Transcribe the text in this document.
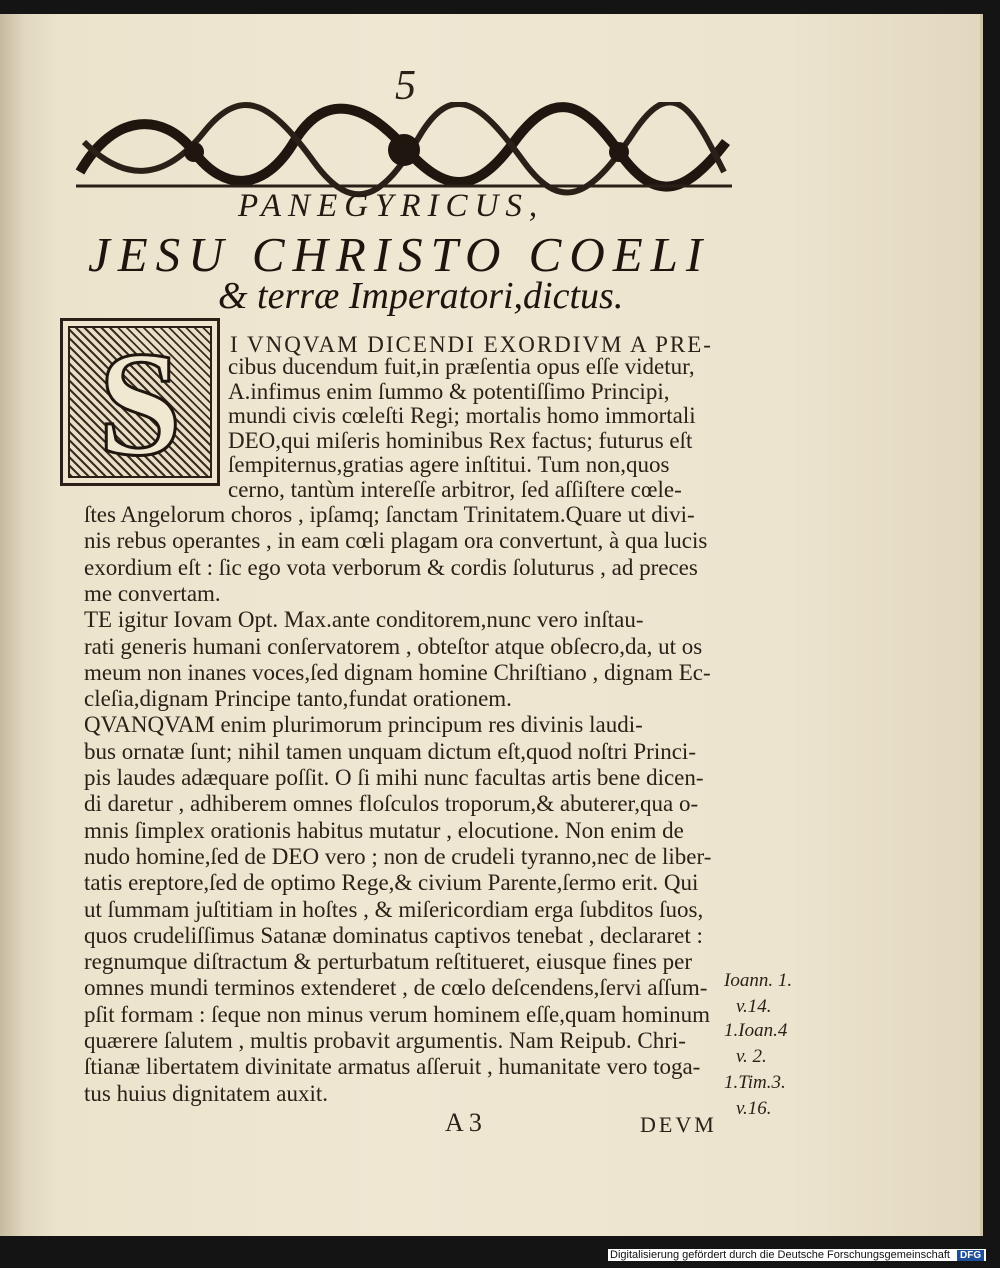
5
PANEGYRICUS,
JESU CHRISTO COELI
& terræ Imperatori,dictus.
S	I VNQVAM DICENDI EXORDIVM A PRE-
cibus ducendum fuit,in præſentia opus eſſe videtur,
A.infimus enim ſummo & potentiſſimo Principi,
mundi civis cœleſti Regi; mortalis homo immortali
DEO,qui miſeris hominibus Rex factus; futurus eſt
ſempiternus,gratias agere inſtitui. Tum non,quos
cerno, tantùm intereſſe arbitror, ſed aſſiſtere cœle-
ſtes Angelorum choros , ipſamq; ſanctam Trinitatem.Quare ut divi-
nis rebus operantes , in eam cœli plagam ora convertunt, à qua lucis
exordium eſt : ſic ego vota verborum & cordis ſoluturus , ad preces
me convertam.
TE igitur Iovam Opt. Max.ante conditorem,nunc vero inſtau-
rati generis humani conſervatorem , obteſtor atque obſecro,da, ut os
meum non inanes voces,ſed dignam homine Chriſtiano , dignam Ec-
cleſia,dignam Principe tanto,fundat orationem.
QVANQVAM enim plurimorum principum res divinis laudi-
bus ornatæ ſunt; nihil tamen unquam dictum eſt,quod noſtri Princi-
pis laudes adæquare poſſit. O ſi mihi nunc facultas artis bene dicen-
di daretur , adhiberem omnes floſculos troporum,& abuterer,qua o-
mnis ſimplex orationis habitus mutatur , elocutione. Non enim de
nudo homine,ſed de DEO vero ; non de crudeli tyranno,nec de liber-
tatis ereptore,ſed de optimo Rege,& civium Parente,ſermo erit. Qui
ut ſummam juſtitiam in hoſtes , & miſericordiam erga ſubditos ſuos,
quos crudeliſſimus Satanæ dominatus captivos tenebat , declararet :
regnumque diſtractum & perturbatum reſtitueret, eiusque fines per
omnes mundi terminos extenderet , de cœlo deſcendens,ſervi aſſum-
pſit formam : ſeque non minus verum hominem eſſe,quam hominum
quærere ſalutem , multis probavit argumentis. Nam Reipub. Chri-
ſtianæ libertatem divinitate armatus aſſeruit , humanitate vero toga-
tus huius dignitatem auxit.
Ioann. 1.
v.14.
1.Ioan.4
v. 2.
1.Tim.3.
v.16.
A 3	DEVM
Digitalisierung gefördert durch die Deutsche Forschungsgemeinschaft DFG
